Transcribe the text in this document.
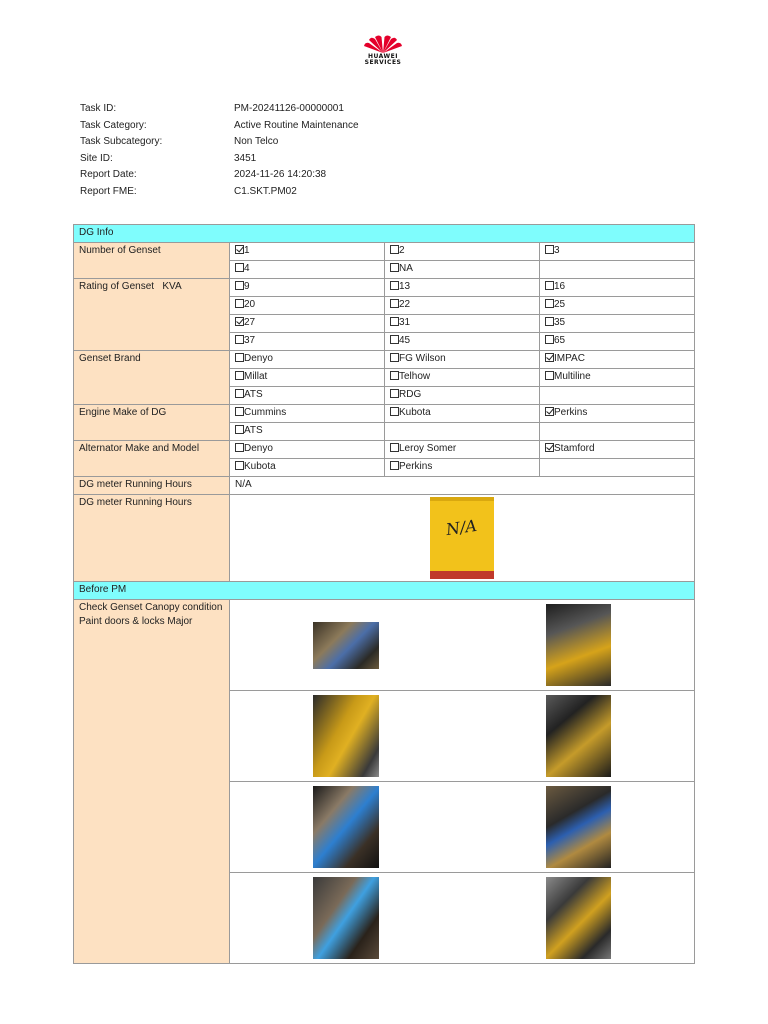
HUAWEI
SERVICES
Task ID:	PM-20241126-00000001
Task Category:	Active Routine Maintenance
Task Subcategory:	Non Telco
Site ID:	3451
Report Date:	2024-11-26 14:20:38
Report FME:	C1.SKT.PM02
DG Info			
Number of Genset	1	2	3
	4	NA	
Rating of Genset   KVA	9	13	16
	20	22	25
	27	31	35
	37	45	65
Genset Brand	Denyo	FG Wilson	IMPAC
	Millat	Telhow	Multiline
	ATS	RDG	
Engine Make of DG	Cummins	Kubota	Perkins
	ATS		
Alternator Make and Model	Denyo	Leroy Somer	Stamford
	Kubota	Perkins	
DG meter Running Hours	N/A		
DG meter Running Hours	N/A		

Before PM			
Check Genset Canopy condition Paint doors & locks Major			
